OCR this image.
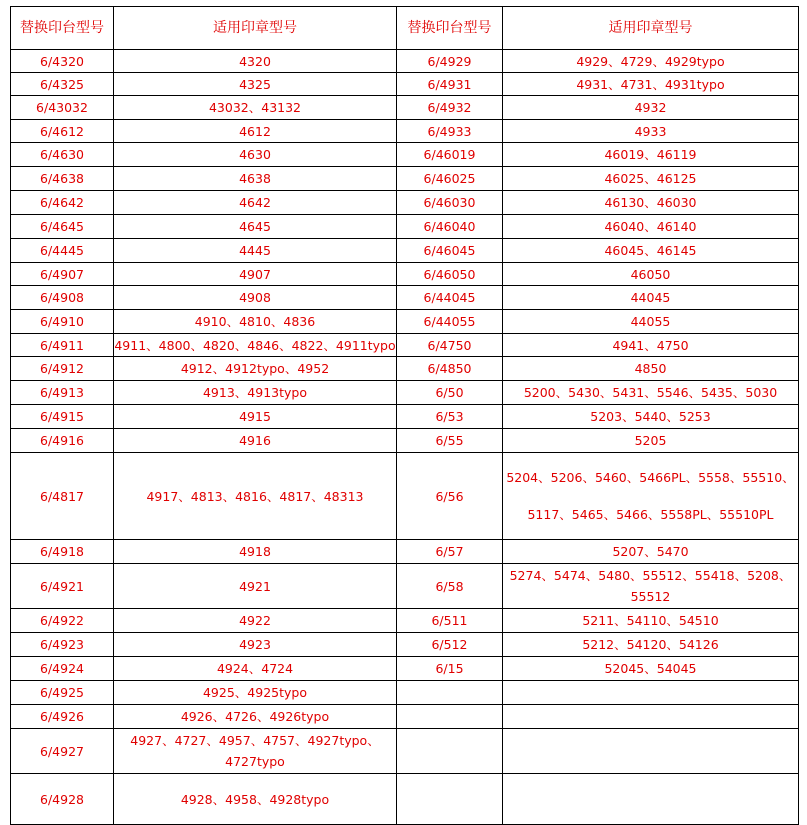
替换印台型号	适用印章型号	替换印台型号	适用印章型号
6/4320	4320	6/4929	4929、4729、4929typo
6/4325	4325	6/4931	4931、4731、4931typo
6/43032	43032、43132	6/4932	4932
6/4612	4612	6/4933	4933
6/4630	4630	6/46019	46019、46119
6/4638	4638	6/46025	46025、46125
6/4642	4642	6/46030	46130、46030
6/4645	4645	6/46040	46040、46140
6/4445	4445	6/46045	46045、46145
6/4907	4907	6/46050	46050
6/4908	4908	6/44045	44045
6/4910	4910、4810、4836	6/44055	44055
6/4911	4911、4800、4820、4846、4822、4911typo	6/4750	4941、4750
6/4912	4912、4912typo、4952	6/4850	4850
6/4913	4913、4913typo	6/50	5200、5430、5431、5546、5435、5030
6/4915	4915	6/53	5203、5440、5253
6/4916	4916	6/55	5205
6/4817	4917、4813、4816、4817、48313	6/56	5204、5206、5460、5466PL、5558、55510、5117、5465、5466、5558PL、55510PL
6/4918	4918	6/57	5207、5470
6/4921	4921	6/58	5274、5474、5480、55512、55418、5208、55512
6/4922	4922	6/511	5211、54110、54510
6/4923	4923	6/512	5212、54120、54126
6/4924	4924、4724	6/15	52045、54045
6/4925	4925、4925typo		
6/4926	4926、4726、4926typo		
6/4927	4927、4727、4957、4757、4927typo、4727typo		
6/4928	4928、4958、4928typo		
